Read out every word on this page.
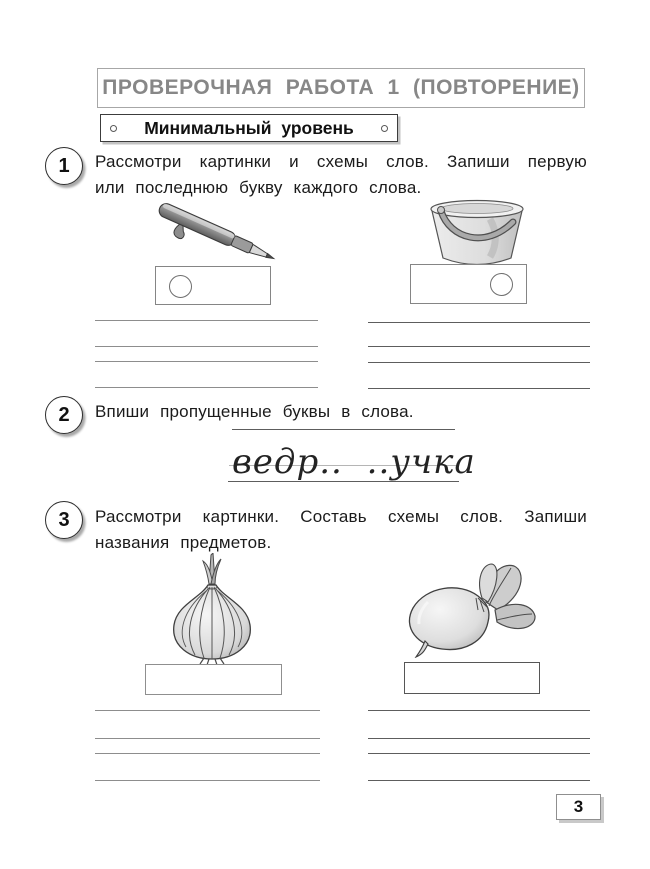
ПРОВЕРОЧНАЯ РАБОТА 1 (ПОВТОРЕНИЕ)
Минимальный уровень
1 Рассмотри картинки и схемы слов. Запиши первую
или последнюю букву каждого слова.
2 Впиши пропущенные буквы в слова.
ведр.. ..учка
3 Рассмотри картинки. Составь схемы слов. Запиши
названия предметов.
3
